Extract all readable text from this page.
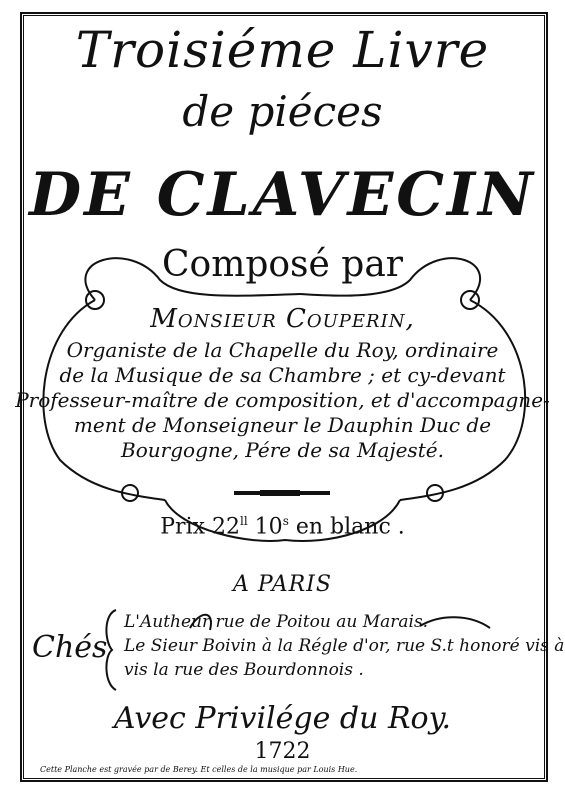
Troisiéme Livre
de piéces
DE CLAVECIN
Composé par
Monsieur Couperin,
Organiste de la Chapelle du Roy, ordinaire
de la Musique de sa Chambre ; et cy-devant
Professeur-maître de composition, et d'accompagne-
ment de Monseigneur le Dauphin Duc de
Bourgogne, Pére de sa Majesté.
Prix $22^{ll}$ 10$^s$ en blanc .
A PARIS
Chés
L'Autheur rue de Poitou au Marais.
Le Sieur Boivin à la Régle d'or, rue S.t honoré vis à
vis la rue des Bourdonnois .
Avec Privilége du Roy.
1722
Cette Planche est gravée par de Berey. Et celles de la musique par Louis Hue.
